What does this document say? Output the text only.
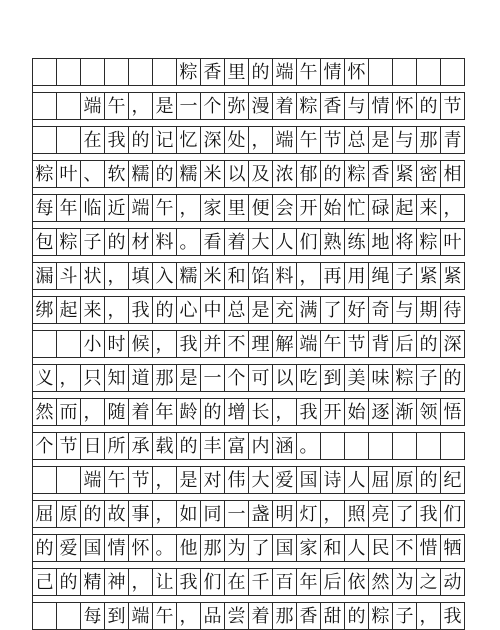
粽 香 里 的 端 午 情 怀
端 午 ， 是 一 个 弥 漫 着 粽 香 与 情 怀 的 节
在 我 的 记 忆 深 处 ， 端 午 节 总 是 与 那 青
粽 叶 、 软 糯 的 糯 米 以 及 浓 郁 的 粽 香 紧 密 相
每 年 临 近 端 午 ， 家 里 便 会 开 始 忙 碌 起 来 ，
包 粽 子 的 材 料 。 看 着 大 人 们 熟 练 地 将 粽 叶
漏 斗 状 ， 填 入 糯 米 和 馅 料 ， 再 用 绳 子 紧 紧
绑 起 来 ， 我 的 心 中 总 是 充 满 了 好 奇 与 期 待
小 时 候 ， 我 并 不 理 解 端 午 节 背 后 的 深
义 ， 只 知 道 那 是 一 个 可 以 吃 到 美 味 粽 子 的
然 而 ， 随 着 年 龄 的 增 长 ， 我 开 始 逐 渐 领 悟
个 节 日 所 承 载 的 丰 富 内 涵 。
端 午 节 ， 是 对 伟 大 爱 国 诗 人 屈 原 的 纪
屈 原 的 故 事 ， 如 同 一 盏 明 灯 ， 照 亮 了 我 们
的 爱 国 情 怀 。 他 那 为 了 国 家 和 人 民 不 惜 牺
己 的 精 神 ， 让 我 们 在 千 百 年 后 依 然 为 之 动
每 到 端 午 ， 品 尝 着 那 香 甜 的 粽 子 ， 我
